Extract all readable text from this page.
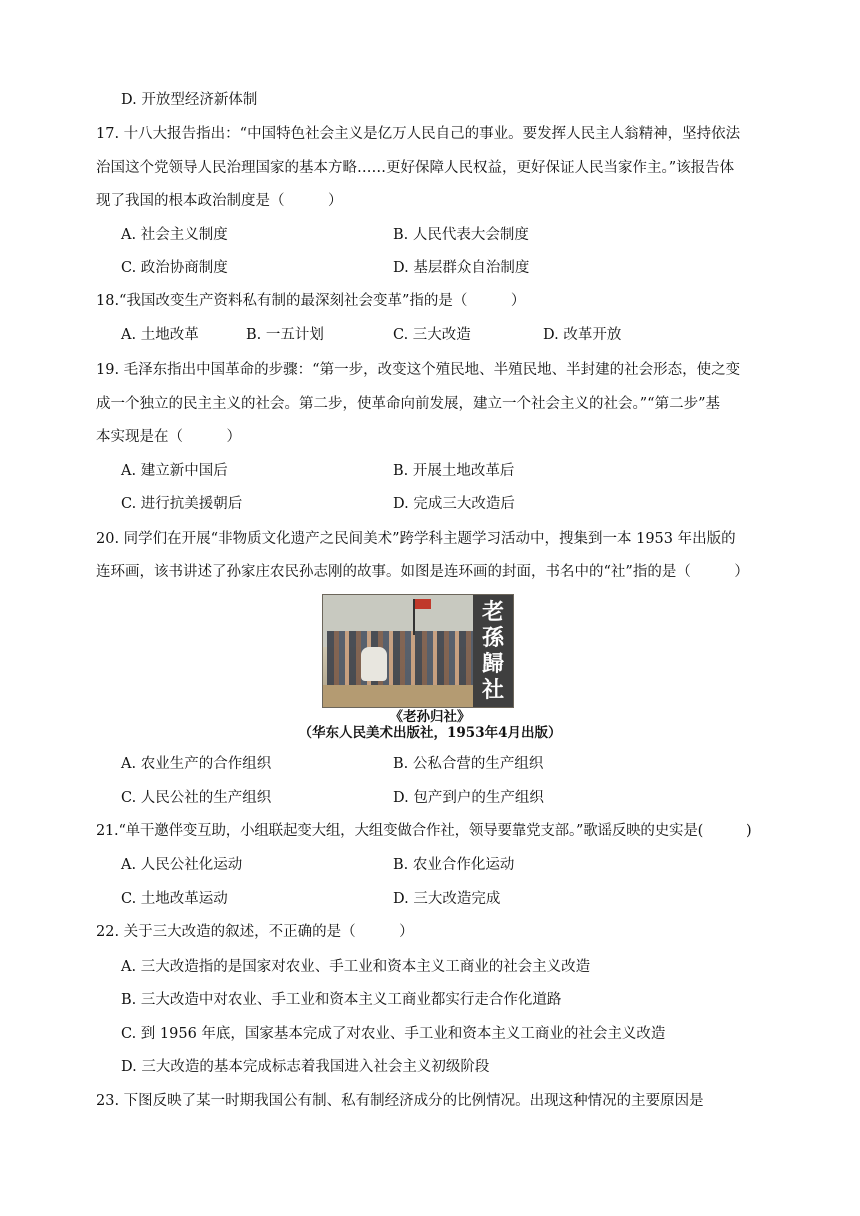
D. 开放型经济新体制
17. 十八大报告指出：“中国特色社会主义是亿万人民自己的事业。要发挥人民主人翁精神，坚持依法
治国这个党领导人民治理国家的基本方略……更好保障人民权益，更好保证人民当家作主。”该报告体
现了我国的根本政治制度是（　　　）
A. 社会主义制度	B. 人民代表大会制度
C. 政治协商制度	D. 基层群众自治制度
18.“我国改变生产资料私有制的最深刻社会变革”指的是（　　　）
A. 土地改革	B. 一五计划	C. 三大改造	D. 改革开放
19. 毛泽东指出中国革命的步骤：“第一步，改变这个殖民地、半殖民地、半封建的社会形态，使之变
成一个独立的民主主义的社会。第二步，使革命向前发展，建立一个社会主义的社会。”“第二步”基
本实现是在（　　　）
A. 建立新中国后	B. 开展土地改革后
C. 进行抗美援朝后	D. 完成三大改造后
20. 同学们在开展“非物质文化遗产之民间美术”跨学科主题学习活动中，搜集到一本 1953 年出版的
连环画，该书讲述了孙家庄农民孙志刚的故事。如图是连环画的封面，书名中的“社”指的是（　　　）
老
孫
歸
社
《老孙归社》
（华东人民美术出版社，1953年4月出版）
A. 农业生产的合作组织	B. 公私合营的生产组织
C. 人民公社的生产组织	D. 包产到户的生产组织
21.“单干邀伴变互助，小组联起变大组，大组变做合作社，领导要靠党支部。”歌谣反映的史实是(　　　)
A. 人民公社化运动	B. 农业合作化运动
C. 土地改革运动	D. 三大改造完成
22. 关于三大改造的叙述，不正确的是（　　　）
A. 三大改造指的是国家对农业、手工业和资本主义工商业的社会主义改造
B. 三大改造中对农业、手工业和资本主义工商业都实行走合作化道路
C. 到 1956 年底，国家基本完成了对农业、手工业和资本主义工商业的社会主义改造
D. 三大改造的基本完成标志着我国进入社会主义初级阶段
23. 下图反映了某一时期我国公有制、私有制经济成分的比例情况。出现这种情况的主要原因是
